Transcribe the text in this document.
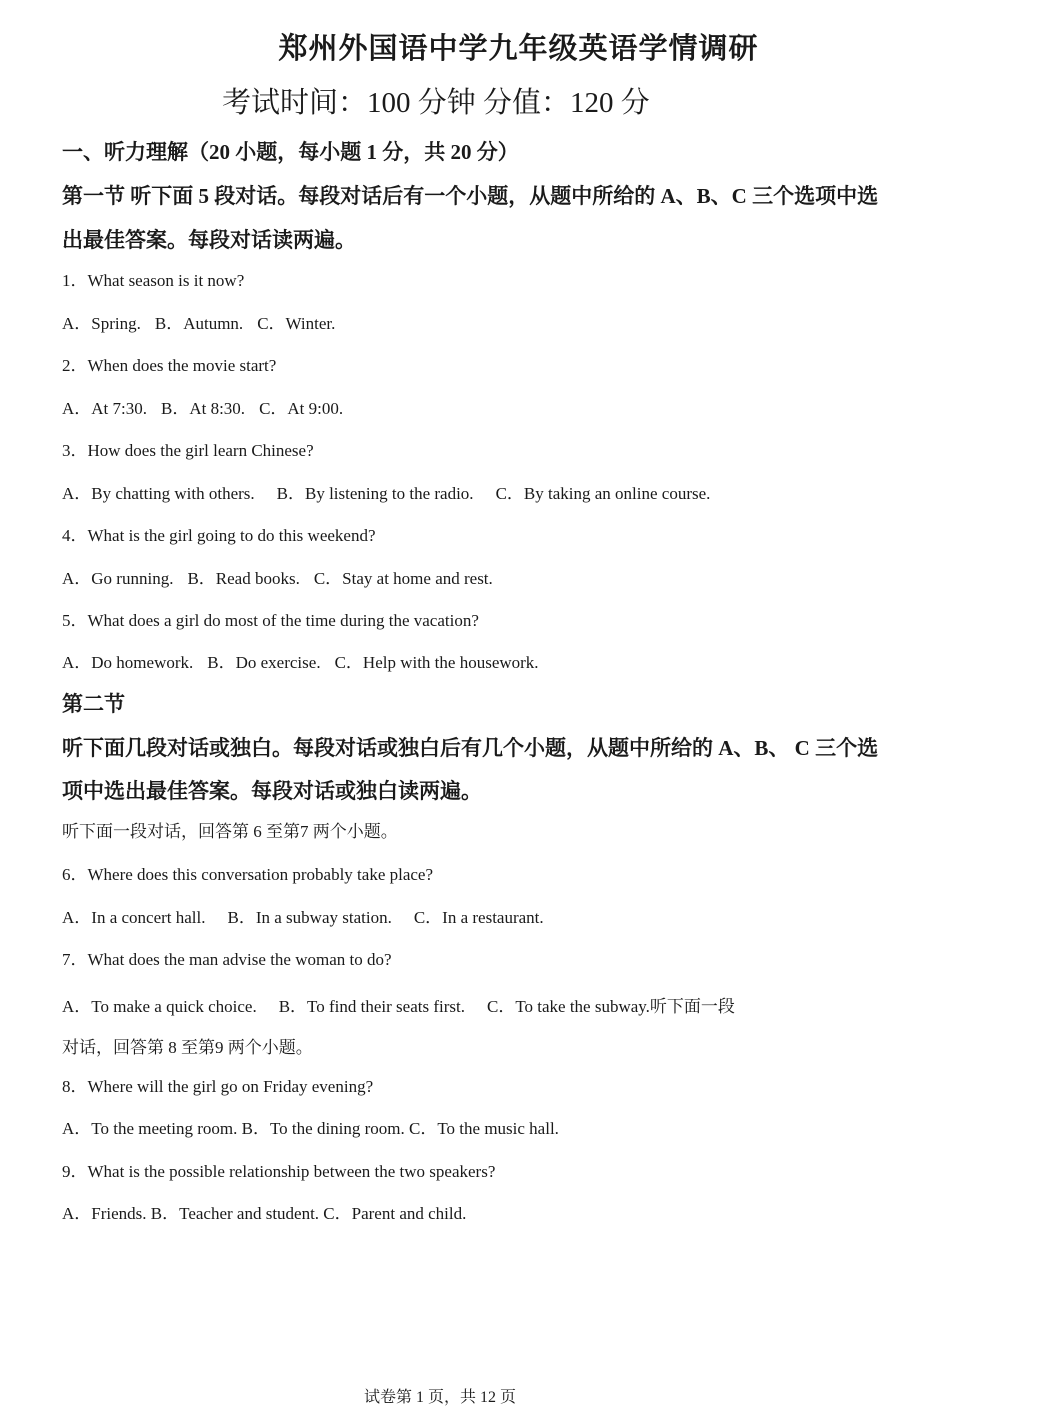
郑州外国语中学九年级英语学情调研
考试时间：100 分钟 分值：120 分
一、听力理解（20 小题，每小题 1 分，共 20 分）
第一节 听下面 5 段对话。每段对话后有一个小题，从题中所给的 A、B、C 三个选项中选
出最佳答案。每段对话读两遍。
1．What season is it now?
A．Spring. B．Autumn. C．Winter.
2．When does the movie start?
A．At 7:30. B．At 8:30. C．At 9:00.
3．How does the girl learn Chinese?
A．By chatting with others. B．By listening to the radio. C．By taking an online course.
4．What is the girl going to do this weekend?
A．Go running. B．Read books. C．Stay at home and rest.
5．What does a girl do most of the time during the vacation?
A．Do homework. B．Do exercise. C．Help with the housework.
第二节
听下面几段对话或独白。每段对话或独白后有几个小题，从题中所给的 A、B、 C 三个选
项中选出最佳答案。每段对话或独白读两遍。
听下面一段对话，回答第 6 至第7 两个小题。
6．Where does this conversation probably take place?
A．In a concert hall. B．In a subway station. C．In a restaurant.
7．What does the man advise the woman to do?
A．To make a quick choice. B．To find their seats first. C．To take the subway.听下面一段
对话，回答第 8 至第9 两个小题。
8．Where will the girl go on Friday evening?
A．To the meeting room. B．To the dining room. C．To the music hall.
9．What is the possible relationship between the two speakers?
A．Friends. B．Teacher and student. C．Parent and child.
试卷第 1 页，共 12 页
